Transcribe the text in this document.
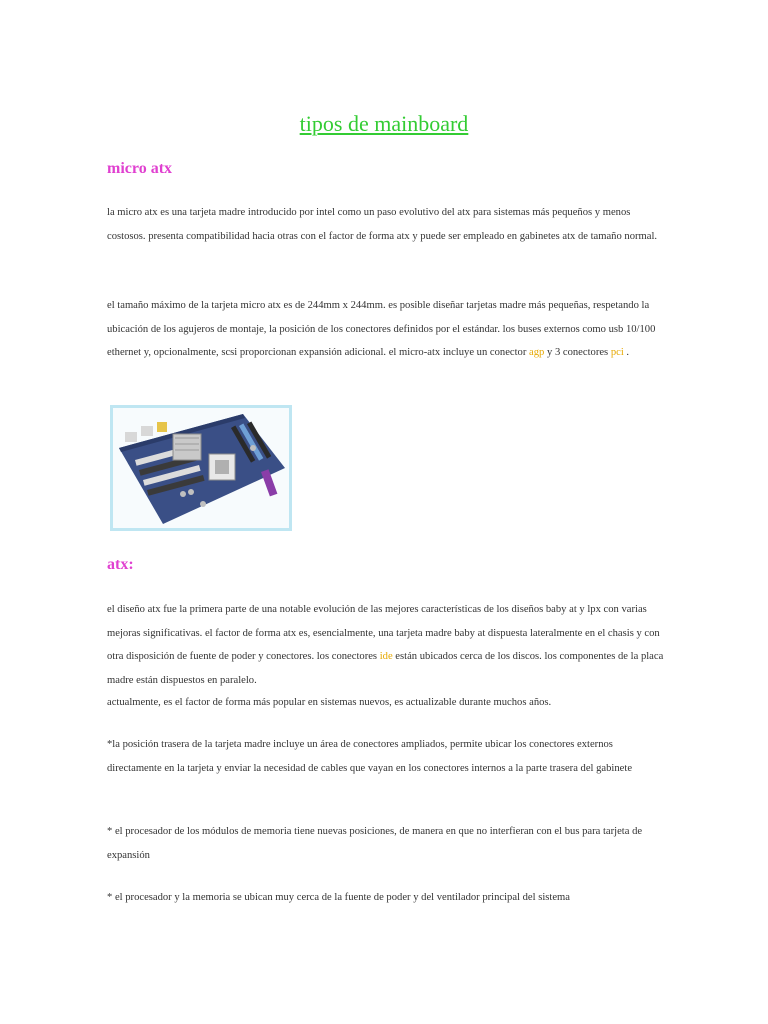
tipos de mainboard
micro atx

la micro atx es una tarjeta madre introducido por intel como un paso evolutivo del atx para sistemas más pequeños y menos costosos. presenta compatibilidad hacia otras con el factor de forma atx y puede ser empleado en gabinetes atx de tamaño normal.

el tamaño máximo de la tarjeta micro atx es de 244mm x 244mm. es posible diseñar tarjetas madre más pequeñas, respetando la ubicación de los agujeros de montaje, la posición de los conectores definidos por el estándar. los buses externos como usb 10/100 ethernet y, opcionalmente, scsi proporcionan expansión adicional. el micro-atx incluye un conector agp y 3 conectores pci .

atx:

el diseño atx fue la primera parte de una notable evolución de las mejores características de los diseños baby at y lpx con varias mejoras significativas. el factor de forma atx es, esencialmente, una tarjeta madre baby at dispuesta lateralmente en el chasis y con otra disposición de fuente de poder y conectores. los conectores ide están ubicados cerca de los discos. los componentes de la placa madre están dispuestos en paralelo.

actualmente, es el factor de forma más popular en sistemas nuevos, es actualizable durante muchos años.

*la posición trasera de la tarjeta madre incluye un área de conectores ampliados, permite ubicar los conectores externos directamente en la tarjeta y enviar la necesidad de cables que vayan en los conectores internos a la parte trasera del gabinete

* el procesador de los módulos de memoria tiene nuevas posiciones, de manera en que no interfieran con el bus para tarjeta de expansión

* el procesador y la memoria se ubican muy cerca de la fuente de poder y del ventilador principal del sistema
